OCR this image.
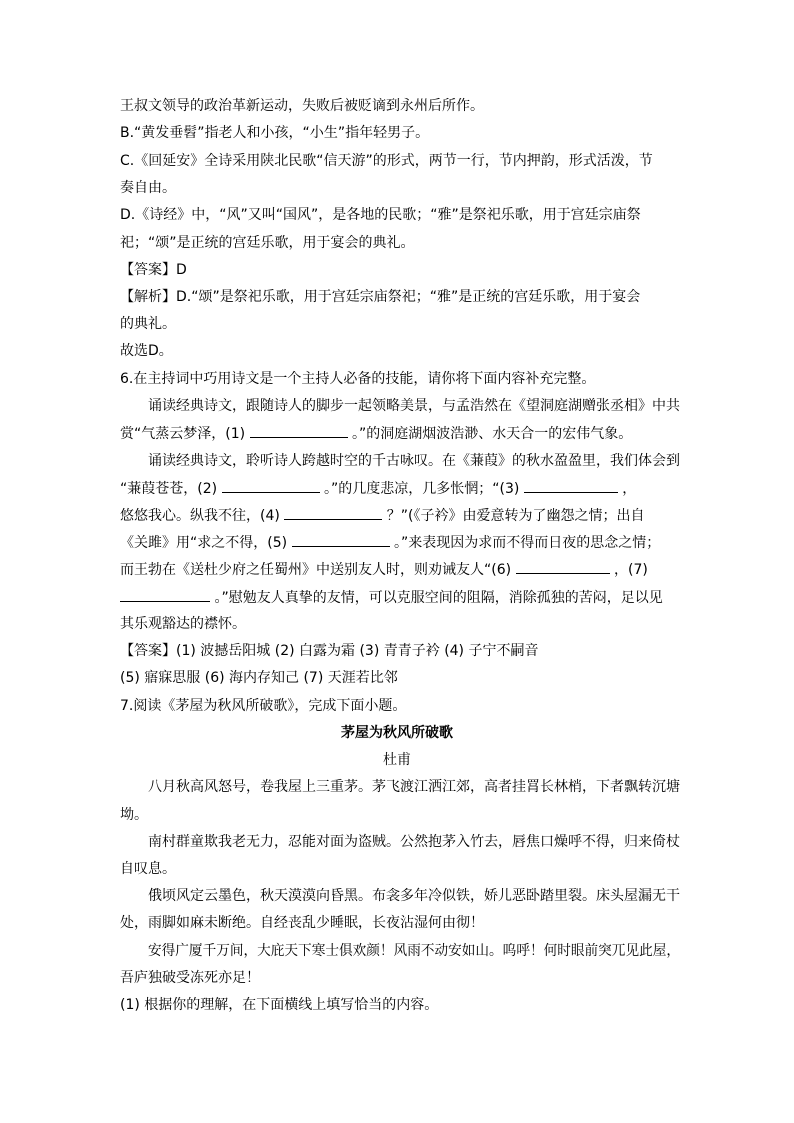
王叔文领导的政治革新运动，失败后被贬谪到永州后所作。
B.“黄发垂髫”指老人和小孩，“小生”指年轻男子。
C.《回延安》全诗采用陕北民歌“信天游”的形式，两节一行，节内押韵，形式活泼，节
奏自由。
D.《诗经》中，“风”又叫“国风”，是各地的民歌；“雅”是祭祀乐歌，用于宫廷宗庙祭
祀；“颂”是正统的宫廷乐歌，用于宴会的典礼。
【答案】D
【解析】D.“颂”是祭祀乐歌，用于宫廷宗庙祭祀；“雅”是正统的宫廷乐歌，用于宴会
的典礼。
故选D。
6.在主持词中巧用诗文是一个主持人必备的技能，请你将下面内容补充完整。
诵读经典诗文，跟随诗人的脚步一起领略美景，与孟浩然在《望洞庭湖赠张丞相》中共
赏“气蒸云梦泽，(1)	。”的洞庭湖烟波浩渺、水天合一的宏伟气象。
诵读经典诗文，聆听诗人跨越时空的千古咏叹。在《蒹葭》的秋水盈盈里，我们体会到
“蒹葭苍苍，(2)	。”的几度悲凉，几多怅惘；“(3)	，
悠悠我心。纵我不往，(4)	？”(《子衿》由爱意转为了幽怨之情；出自
《关雎》用“求之不得，(5)	。”来表现因为求而不得而日夜的思念之情；
而王勃在《送杜少府之任蜀州》中送别友人时，则劝诫友人“(6)	，(7)
。”慰勉友人真挚的友情，可以克服空间的阻隔，消除孤独的苦闷，足以见
其乐观豁达的襟怀。
【答案】(1) 波撼岳阳城 (2) 白露为霜 (3) 青青子衿 (4) 子宁不嗣音
(5) 寤寐思服 (6) 海内存知己 (7) 天涯若比邻
7.阅读《茅屋为秋风所破歌》，完成下面小题。
茅屋为秋风所破歌
杜甫
八月秋高风怒号，卷我屋上三重茅。茅飞渡江洒江郊，高者挂罥长林梢，下者飘转沉塘
坳。
南村群童欺我老无力，忍能对面为盗贼。公然抱茅入竹去，唇焦口燥呼不得，归来倚杖
自叹息。
俄顷风定云墨色，秋天漠漠向昏黑。布衾多年冷似铁，娇儿恶卧踏里裂。床头屋漏无干
处，雨脚如麻未断绝。自经丧乱少睡眠，长夜沾湿何由彻！
安得广厦千万间，大庇天下寒士俱欢颜！风雨不动安如山。呜呼！何时眼前突兀见此屋，
吾庐独破受冻死亦足！
(1) 根据你的理解，在下面横线上填写恰当的内容。
